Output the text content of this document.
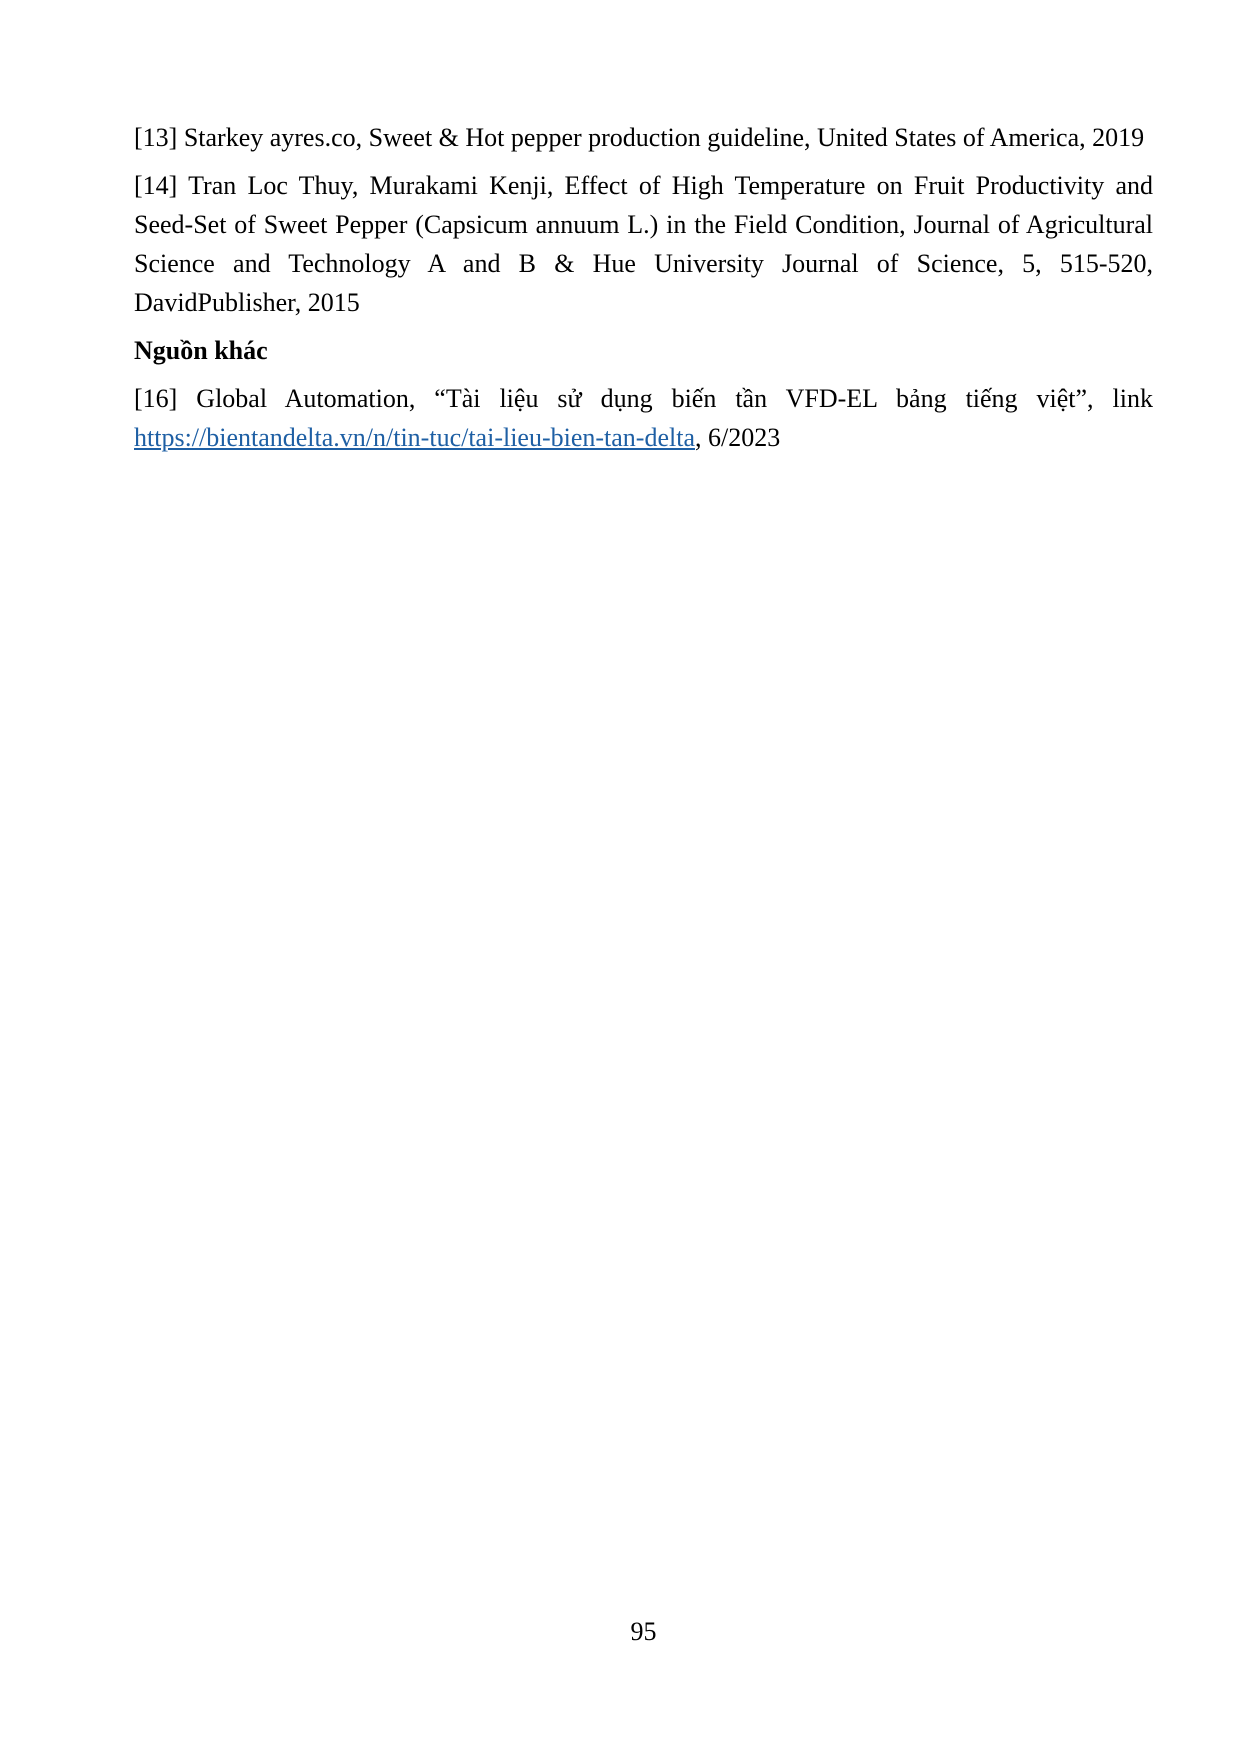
[13] Starkey ayres.co, Sweet & Hot pepper production guideline, United States of America, 2019

[14] Tran Loc Thuy, Murakami Kenji, Effect of High Temperature on Fruit Productivity and Seed-Set of Sweet Pepper (Capsicum annuum L.) in the Field Condition, Journal of Agricultural Science and Technology A and B & Hue University Journal of Science, 5, 515-520, DavidPublisher, 2015

Nguồn khác

[16] Global Automation, “Tài liệu sử dụng biến tần VFD-EL bảng tiếng việt”, link https://bientandelta.vn/n/tin-tuc/tai-lieu-bien-tan-delta, 6/2023

95
